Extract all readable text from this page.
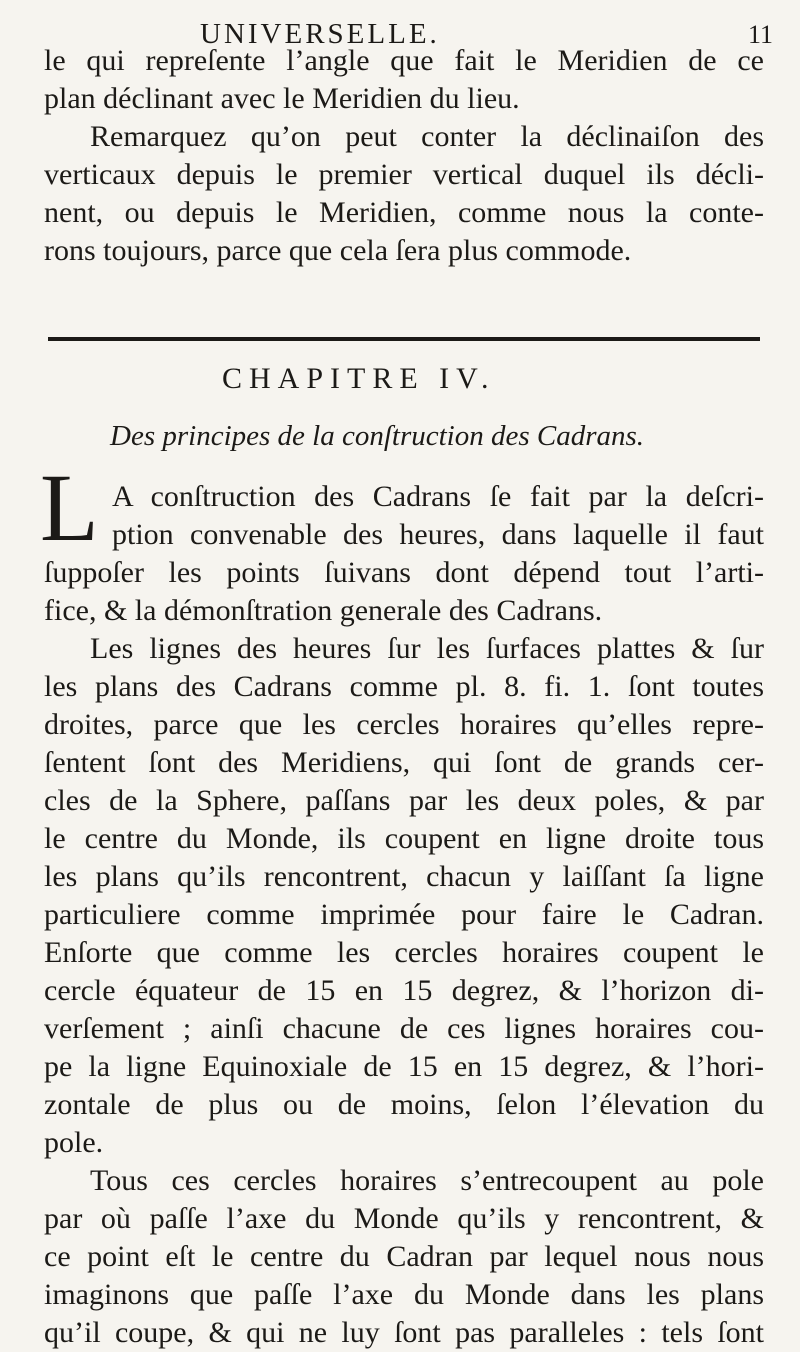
UNIVERSELLE.	11
le qui repreſente l’angle que fait le Meridien de ce
plan déclinant avec le Meridien du lieu.
Remarquez qu’on peut conter la déclinaiſon des
verticaux depuis le premier vertical duquel ils décli-
nent, ou depuis le Meridien, comme nous la conte-
rons toujours, parce que cela ſera plus commode.
CHAPITRE IV.
Des principes de la conſtruction des Cadrans.
L A conſtruction des Cadrans ſe fait par la deſcri-
ption convenable des heures, dans laquelle il faut
ſuppoſer les points ſuivans dont dépend tout l’arti-
fice, & la démonſtration generale des Cadrans.
Les lignes des heures ſur les ſurfaces plattes & ſur
les plans des Cadrans comme pl. 8. fi. 1. ſont toutes
droites, parce que les cercles horaires qu’elles repre-
ſentent ſont des Meridiens, qui ſont de grands cer-
cles de la Sphere, paſſans par les deux poles, & par
le centre du Monde, ils coupent en ligne droite tous
les plans qu’ils rencontrent, chacun y laiſſant ſa ligne
particuliere comme imprimée pour faire le Cadran.
Enſorte que comme les cercles horaires coupent le
cercle équateur de 15 en 15 degrez, & l’horizon di-
verſement ; ainſi chacune de ces lignes horaires cou-
pe la ligne Equinoxiale de 15 en 15 degrez, & l’hori-
zontale de plus ou de moins, ſelon l’élevation du
pole.
Tous ces cercles horaires s’entrecoupent au pole
par où paſſe l’axe du Monde qu’ils y rencontrent, &
ce point eſt le centre du Cadran par lequel nous nous
imaginons que paſſe l’axe du Monde dans les plans
qu’il coupe, & qui ne luy ſont pas paralleles : tels ſont
